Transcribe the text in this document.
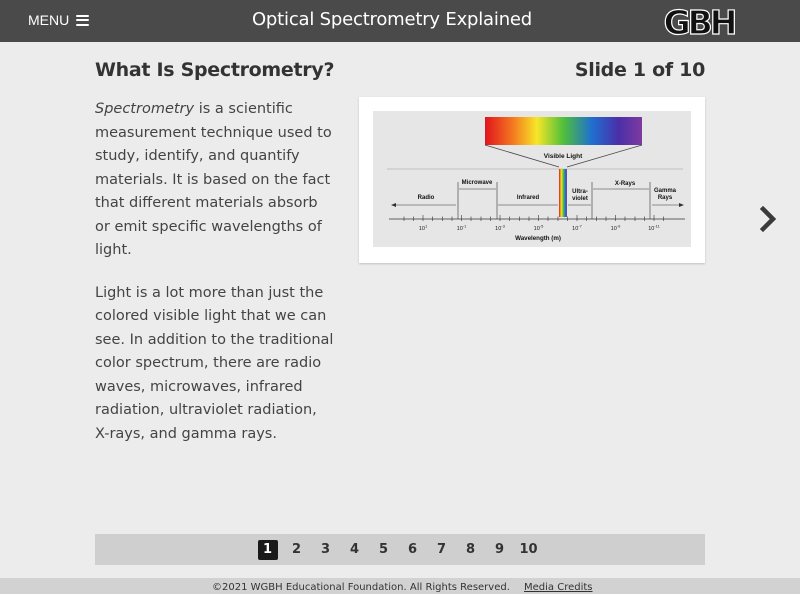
MENU	Optical Spectrometry Explained	GBH
What Is Spectrometry?	Slide 1 of 10

Spectrometry is a scientific measurement technique used to study, identify, and quantify materials. It is based on the fact that different materials absorb or emit specific wavelengths of light.

Light is a lot more than just the colored visible light that we can see. In addition to the traditional color spectrum, there are radio waves, microwaves, infrared radiation, ultraviolet radiation, X-rays, and gamma rays.

Visible Light
Radio
Microwave
Infrared
Ultra-
violet
X-Rays
Gamma
Rays
$10^1$	$10^{-1}$	$10^{-3}$	$10^{-5}$	$10^{-7}$	$10^{-9}$	$10^{-11}$
Wavelength (m)
1	2	3	4	5	6	7	8	9	10
©2021 WGBH Educational Foundation. All Rights Reserved. Media Credits
